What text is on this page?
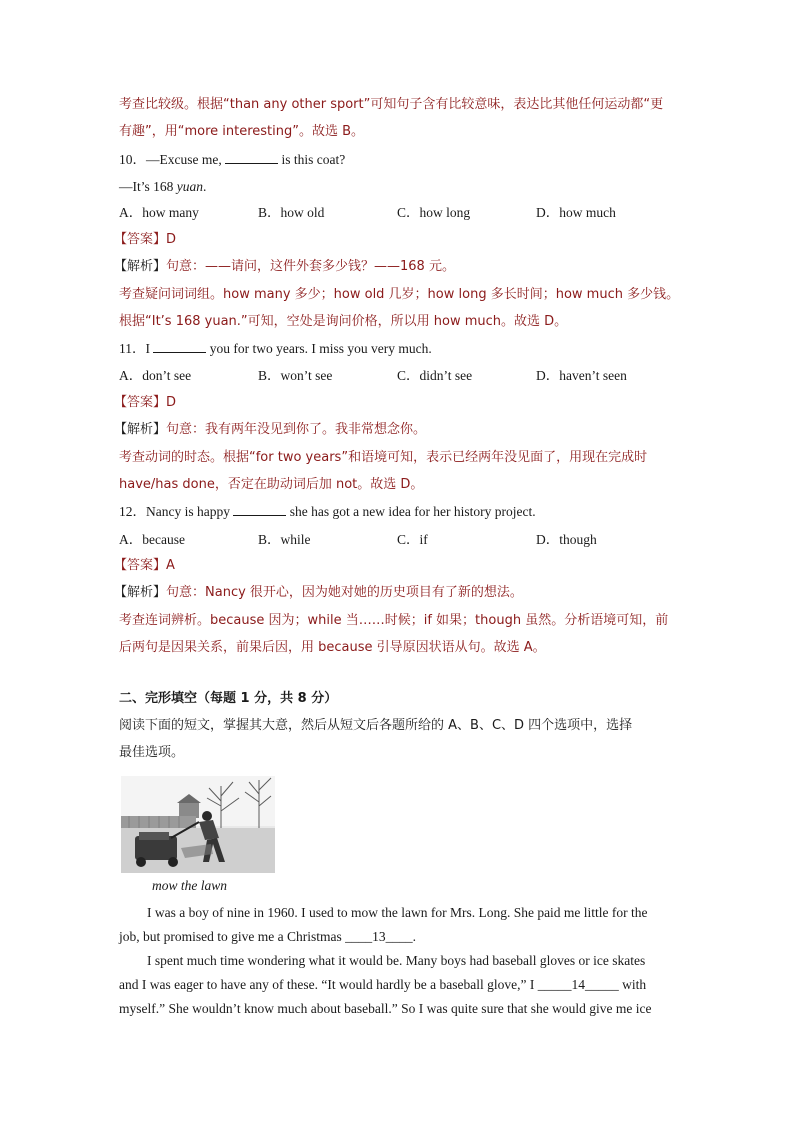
考查比较级。根据“than any other sport”可知句子含有比较意味，表达比其他任何运动都“更
有趣”，用“more interesting”。故选 B。
10．—Excuse me,	is this coat?
—It’s 168 yuan.
A．how many	B．how old	C．how long	D．how much
【答案】D
【解析】句意：——请问，这件外套多少钱？——168 元。
考查疑问词词组。how many 多少；how old 几岁；how long 多长时间；how much 多少钱。
根据“It’s 168 yuan.”可知，空处是询问价格，所以用 how much。故选 D。
11．I	you for two years. I miss you very much.
A．don’t see	B．won’t see	C．didn’t see	D．haven’t seen
【答案】D
【解析】句意：我有两年没见到你了。我非常想念你。
考查动词的时态。根据“for two years”和语境可知，表示已经两年没见面了，用现在完成时
have/has done，否定在助动词后加 not。故选 D。
12．Nancy is happy	she has got a new idea for her history project.
A．because	B．while	C．if	D．though
【答案】A
【解析】句意：Nancy 很开心，因为她对她的历史项目有了新的想法。
考查连词辨析。because 因为；while 当……时候；if 如果；though 虽然。分析语境可知，前
后两句是因果关系，前果后因，用 because 引导原因状语从句。故选 A。
二、完形填空（每题 1 分，共 8 分）
阅读下面的短文，掌握其大意，然后从短文后各题所给的 A、B、C、D 四个选项中，选择
最佳选项。
mow the lawn
I was a boy of nine in 1960. I used to mow the lawn for Mrs. Long. She paid me little for the
job, but promised to give me a Christmas ____13____.
I spent much time wondering what it would be. Many boys had baseball gloves or ice skates
and I was eager to have any of these. “It would hardly be a baseball glove,” I _____14_____ with
myself.” She wouldn’t know much about baseball.” So I was quite sure that she would give me ice
